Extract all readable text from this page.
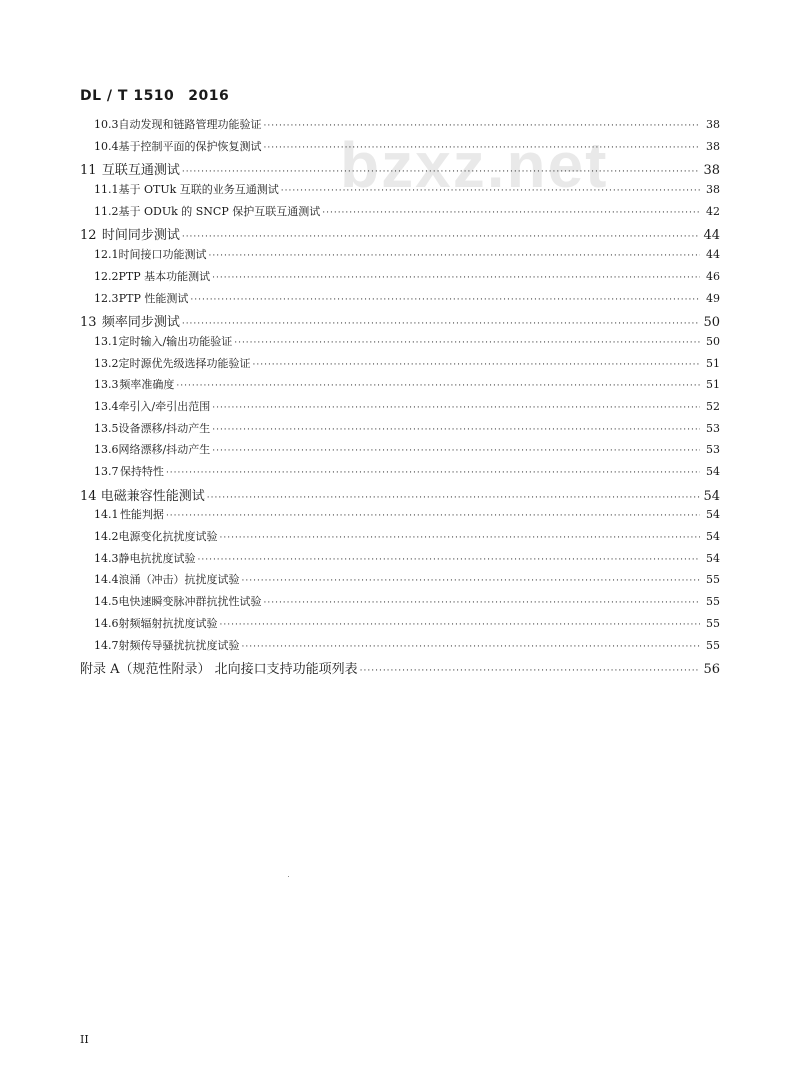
DL / T 1510 2016
bzxz.net
10.3 自动发现和链路管理功能验证 ·····	38
10.4 基于控制平面的保护恢复测试 ·····	38
11 互联互通测试 ·····	38
11.1 基于 OTUk 互联的业务互通测试 ·····	38
11.2 基于 ODUk 的 SNCP 保护互联互通测试 ·····	42
12 时间同步测试 ·····	44
12.1 时间接口功能测试 ·····	44
12.2 PTP 基本功能测试 ·····	46
12.3 PTP 性能测试 ·····	49
13 频率同步测试 ·····	50
13.1 定时输入/输出功能验证 ·····	50
13.2 定时源优先级选择功能验证 ·····	51
13.3 频率准确度 ·····	51
13.4 牵引入/牵引出范围 ·····	52
13.5 设备漂移/抖动产生 ·····	53
13.6 网络漂移/抖动产生 ·····	53
13.7 保持特性 ·····	54
14 电磁兼容性能测试 ·····	54
14.1 性能判据 ·····	54
14.2 电源变化抗扰度试验 ·····	54
14.3 静电抗扰度试验 ·····	54
14.4 浪涌（冲击）抗扰度试验 ·····	55
14.5 电快速瞬变脉冲群抗扰性试验 ·····	55
14.6 射频辐射抗扰度试验 ·····	55
14.7 射频传导骚扰抗扰度试验 ·····	55
附录 A（规范性附录） 北向接口支持功能项列表 ·····	56
II
